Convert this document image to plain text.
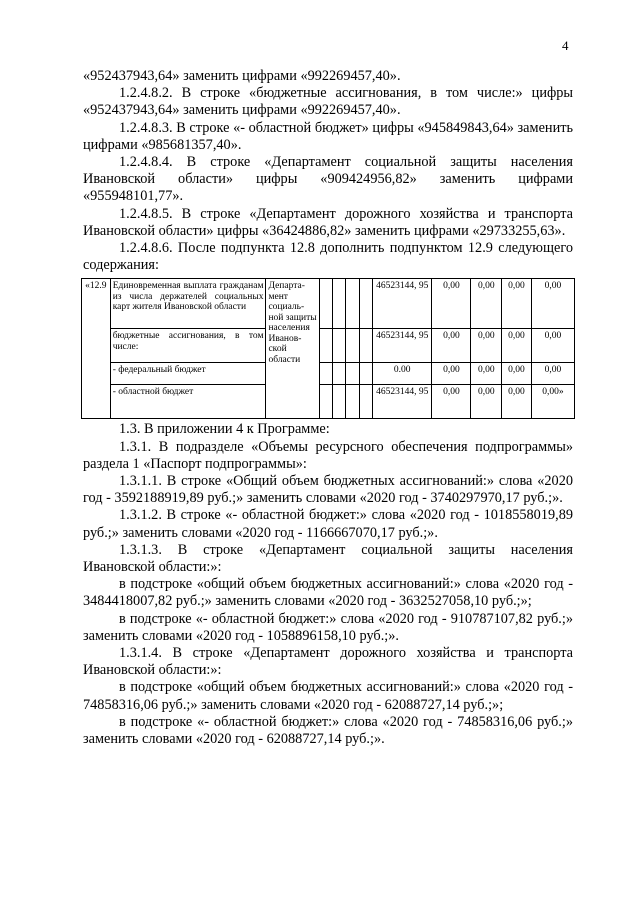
4

«952437943,64» заменить цифрами «992269457,40».

1.2.4.8.2. В строке «бюджетные ассигнования, в том числе:» цифры «952437943,64» заменить цифрами «992269457,40».

1.2.4.8.3. В строке «- областной бюджет» цифры «945849843,64» заменить цифрами «985681357,40».

1.2.4.8.4. В строке «Департамент социальной защиты населения Ивановской области» цифры «909424956,82» заменить цифрами «955948101,77».

1.2.4.8.5. В строке «Департамент дорожного хозяйства и транспорта Ивановской области» цифры «36424886,82» заменить цифрами «29733255,63».

1.2.4.8.6. После подпункта 12.8 дополнить подпунктом 12.9 следующего содержания:

«12.9	Единовременная выплата гражданам из числа держателей социальных карт жителя Ивановской области	Департа-мент социаль-ной защиты населения Иванов-ской области					46523144, 95	0,00	0,00	0,00	0,00
	бюджетные ассигнования, в том числе:						46523144, 95	0,00	0,00	0,00	0,00
	- федеральный бюджет						0.00	0,00	0,00	0,00	0,00
	- областной бюджет						46523144, 95	0,00	0,00	0,00	0,00»

1.3. В приложении 4 к Программе:

1.3.1. В подразделе «Объемы ресурсного обеспечения подпрограммы» раздела 1 «Паспорт подпрограммы»:

1.3.1.1. В строке «Общий объем бюджетных ассигнований:» слова «2020 год - 3592188919,89 руб.;» заменить словами «2020 год - 3740297970,17 руб.;».

1.3.1.2. В строке «- областной бюджет:» слова «2020 год - 1018558019,89 руб.;» заменить словами «2020 год - 1166667070,17 руб.;».

1.3.1.3. В строке «Департамент социальной защиты населения Ивановской области:»:

в подстроке «общий объем бюджетных ассигнований:» слова «2020 год - 3484418007,82 руб.;» заменить словами «2020 год - 3632527058,10 руб.;»;

в подстроке «- областной бюджет:» слова «2020 год - 910787107,82 руб.;» заменить словами «2020 год - 1058896158,10 руб.;».

1.3.1.4. В строке «Департамент дорожного хозяйства и транспорта Ивановской области:»:

в подстроке «общий объем бюджетных ассигнований:» слова «2020 год - 74858316,06 руб.;» заменить словами «2020 год - 62088727,14 руб.;»;

в подстроке «- областной бюджет:» слова «2020 год - 74858316,06 руб.;» заменить словами «2020 год - 62088727,14 руб.;».
